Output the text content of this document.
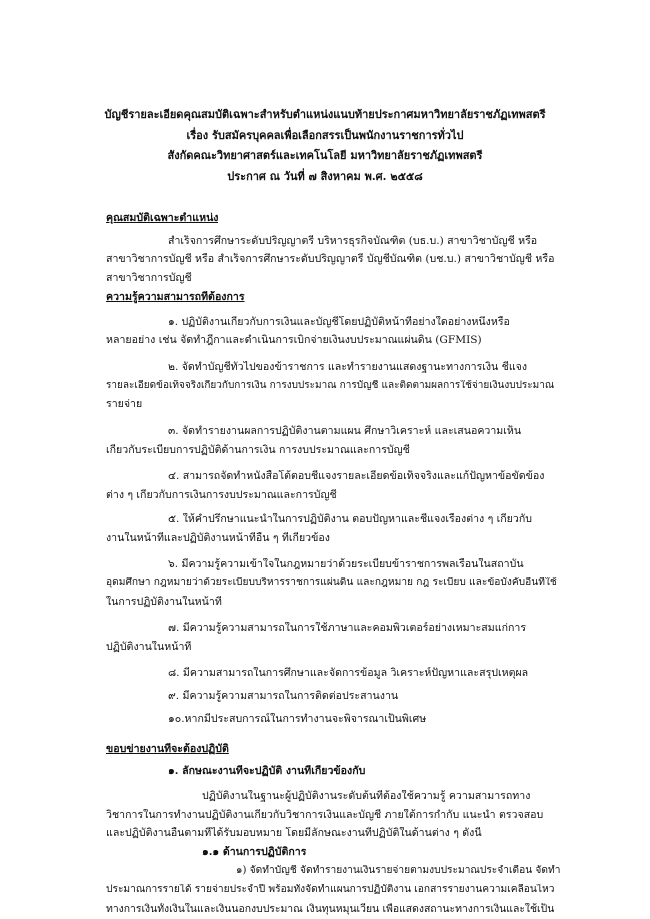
บัญชีรายละเอียดคุณสมบัติเฉพาะสำหรับตำแหน่งแนบท้ายประกาศมหาวิทยาลัยราชภัฏเทพสตรี
เรื่อง รับสมัครบุคคลเพื่อเลือกสรรเป็นพนักงานราชการทั่วไป
สังกัดคณะวิทยาศาสตร์และเทคโนโลยี มหาวิทยาลัยราชภัฏเทพสตรี
ประกาศ ณ วันที่ ๗ สิงหาคม พ.ศ. ๒๕๕๘
คุณสมบัติเฉพาะตำแหน่ง
สำเร็จการศึกษาระดับปริญญาตรี บริหารธุรกิจบัณฑิต (บธ.บ.) สาขาวิชาบัญชี หรือ
สาขาวิชาการบัญชี หรือ สำเร็จการศึกษาระดับปริญญาตรี บัญชีบัณฑิต (บช.บ.) สาขาวิชาบัญชี หรือ
สาขาวิชาการบัญชี
ความรู้ความสามารถที่ต้องการ
๑. ปฏิบัติงานเกี่ยวกับการเงินและบัญชีโดยปฏิบัติหน้าที่อย่างใดอย่างหนึ่งหรือ
หลายอย่าง เช่น จัดทำฎีกาและดำเนินการเบิกจ่ายเงินงบประมาณแผ่นดิน (GFMIS)
๒. จัดทำบัญชีทั่วไปของข้าราชการ และทำรายงานแสดงฐานะทางการเงิน ชี้แจง
รายละเอียดข้อเท็จจริงเกี่ยวกับการเงิน การงบประมาณ การบัญชี และติดตามผลการใช้จ่ายเงินงบประมาณ
รายจ่าย
๓. จัดทำรายงานผลการปฏิบัติงานตามแผน ศึกษาวิเคราะห์ และเสนอความเห็น
เกี่ยวกับระเบียบการปฏิบัติด้านการเงิน การงบประมาณและการบัญชี
๔. สามารถจัดทำหนังสือโต้ตอบชี้แจงรายละเอียดข้อเท็จจริงและแก้ปัญหาข้อขัดข้อง
ต่าง ๆ เกี่ยวกับการเงินการงบประมาณและการบัญชี
๕. ให้คำปรึกษาแนะนำในการปฏิบัติงาน ตอบปัญหาและชี้แจงเรื่องต่าง ๆ เกี่ยวกับ
งานในหน้าที่และปฏิบัติงานหน้าที่อื่น ๆ ที่เกี่ยวข้อง
๖. มีความรู้ความเข้าใจในกฎหมายว่าด้วยระเบียบข้าราชการพลเรือนในสถาบัน
อุดมศึกษา กฎหมายว่าด้วยระเบียบบริหารราชการแผ่นดิน และกฎหมาย กฎ ระเบียบ และข้อบังคับอื่นที่ใช้
ในการปฏิบัติงานในหน้าที่
๗. มีความรู้ความสามารถในการใช้ภาษาและคอมพิวเตอร์อย่างเหมาะสมแก่การ
ปฏิบัติงานในหน้าที่
๘. มีความสามารถในการศึกษาและจัดการข้อมูล วิเคราะห์ปัญหาและสรุปเหตุผล
๙. มีความรู้ความสามารถในการติดต่อประสานงาน
๑๐.หากมีประสบการณ์ในการทำงานจะพิจารณาเป็นพิเศษ
ขอบข่ายงานที่จะต้องปฏิบัติ
๑. ลักษณะงานที่จะปฏิบัติ งานที่เกี่ยวข้องกับ
ปฏิบัติงานในฐานะผู้ปฏิบัติงานระดับต้นที่ต้องใช้ความรู้ ความสามารถทาง
วิชาการในการทำงานปฏิบัติงานเกี่ยวกับวิชาการเงินและบัญชี ภายใต้การกำกับ แนะนำ ตรวจสอบ
และปฏิบัติงานอื่นตามที่ได้รับมอบหมาย โดยมีลักษณะงานที่ปฏิบัติในด้านต่าง ๆ ดังนี้
๑.๑ ด้านการปฏิบัติการ
๑) จัดทำบัญชี จัดทำรายงานเงินรายจ่ายตามงบประมาณประจำเดือน จัดทำ
ประมาณการรายได้ รายจ่ายประจำปี พร้อมทั้งจัดทำแผนการปฏิบัติงาน เอกสารรายงานความเคลื่อนไหว
ทางการเงินทั้งเงินในและเงินนอกงบประมาณ เงินทุนหมุนเวียน เพื่อแสดงสถานะทางการเงินและใช้เป็น
